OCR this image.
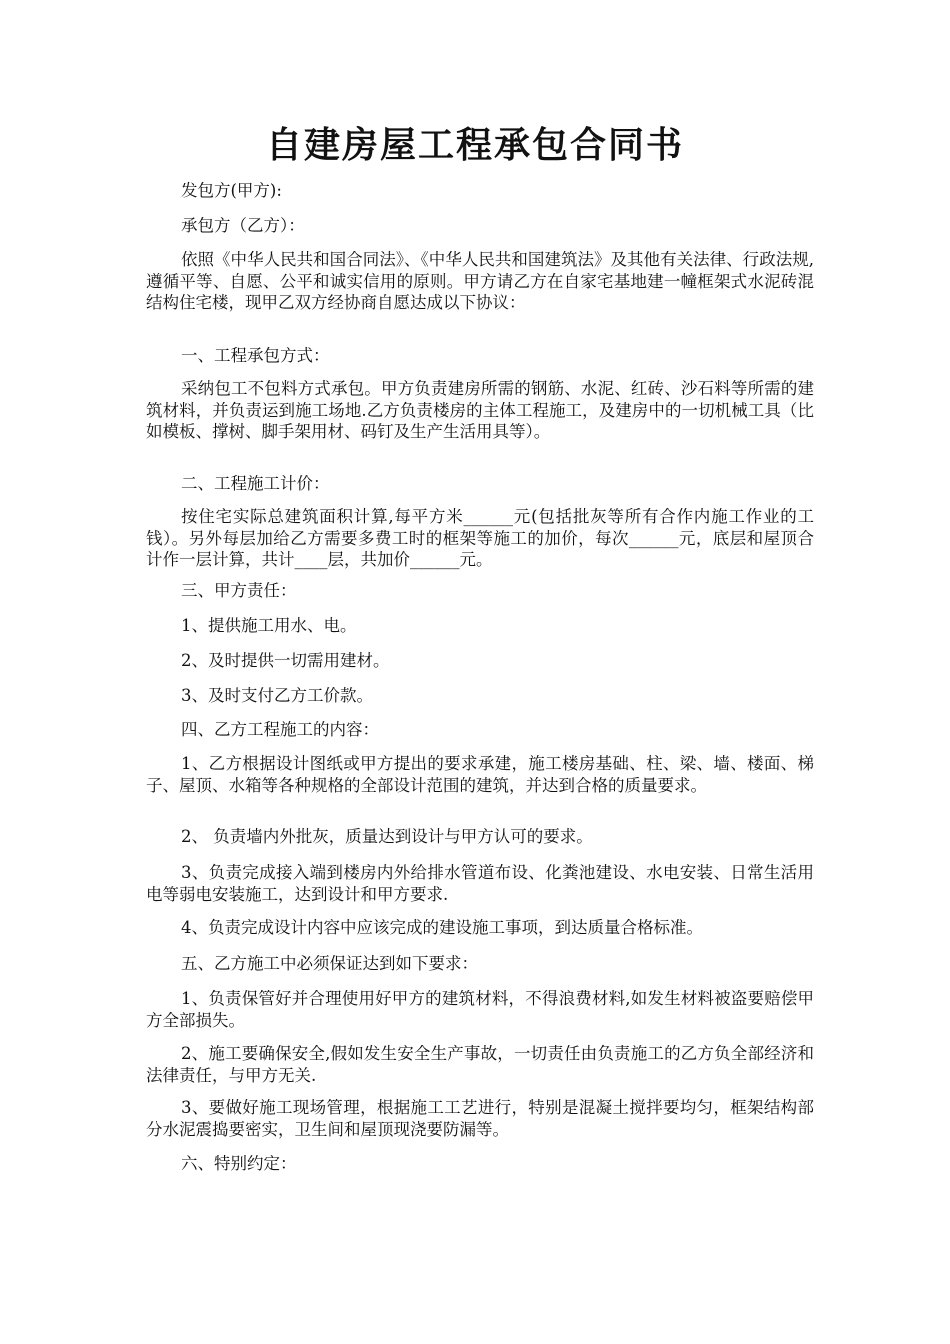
自建房屋工程承包合同书

发包方(甲方):

承包方（乙方）：

依照《中华人民共和国合同法》、《中华人民共和国建筑法》及其他有关法律、行政法规,遵循平等、自愿、公平和诚实信用的原则。甲方请乙方在自家宅基地建一幢框架式水泥砖混结构住宅楼，现甲乙双方经协商自愿达成以下协议：

一、工程承包方式：

采纳包工不包料方式承包。甲方负责建房所需的钢筋、水泥、红砖、沙石料等所需的建筑材料，并负责运到施工场地.乙方负责楼房的主体工程施工，及建房中的一切机械工具（比如模板、撑树、脚手架用材、码钉及生产生活用具等）。

二、工程施工计价：

按住宅实际总建筑面积计算,每平方米______元(包括批灰等所有合作内施工作业的工钱）。另外每层加给乙方需要多费工时的框架等施工的加价，每次______元，底层和屋顶合计作一层计算，共计____层，共加价______元。

三、甲方责任：

1、提供施工用水、电。

2、及时提供一切需用建材。

3、及时支付乙方工价款。

四、乙方工程施工的内容：

1、乙方根据设计图纸或甲方提出的要求承建，施工楼房基础、柱、梁、墙、楼面、梯子、屋顶、水箱等各种规格的全部设计范围的建筑，并达到合格的质量要求。

2、 负责墙内外批灰，质量达到设计与甲方认可的要求。

3、负责完成接入端到楼房内外给排水管道布设、化粪池建设、水电安装、日常生活用电等弱电安装施工，达到设计和甲方要求.

4、负责完成设计内容中应该完成的建设施工事项，到达质量合格标准。

五、乙方施工中必须保证达到如下要求：

1、负责保管好并合理使用好甲方的建筑材料，不得浪费材料,如发生材料被盗要赔偿甲方全部损失。

2、施工要确保安全,假如发生安全生产事故，一切责任由负责施工的乙方负全部经济和法律责任，与甲方无关.

3、要做好施工现场管理，根据施工工艺进行，特别是混凝土搅拌要均匀，框架结构部分水泥震捣要密实，卫生间和屋顶现浇要防漏等。

六、特别约定：
